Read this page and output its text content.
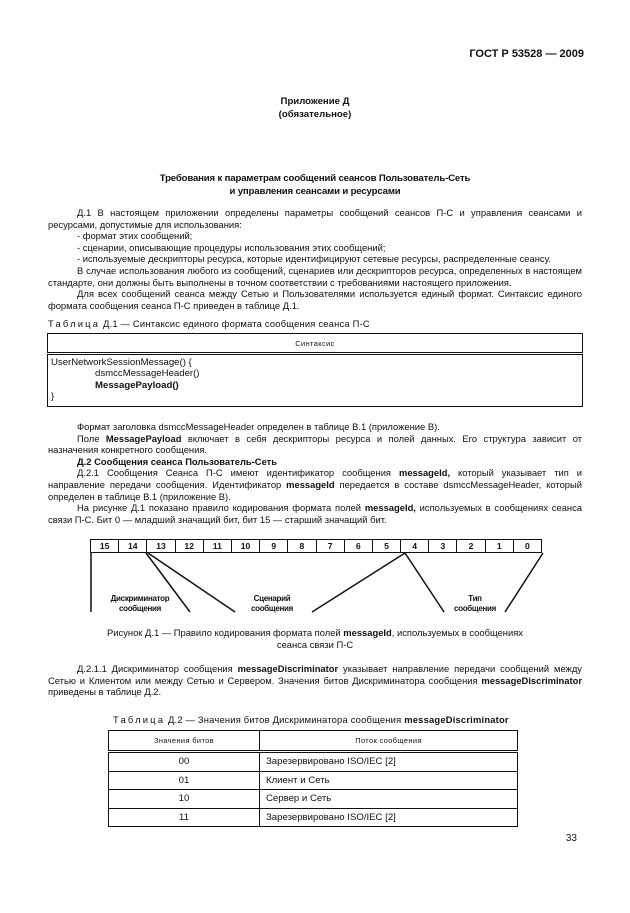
ГОСТ Р 53528 — 2009
Приложение Д
(обязательное)
Требования к параметрам сообщений сеансов Пользователь-Сеть
и управления сеансами и ресурсами

Д.1 В настоящем приложении определены параметры сообщений сеансов П-С и управления сеансами и ресурсами, допустимые для использования:

- формат этих сообщений;

- сценарии, описывающие процедуры использования этих сообщений;

- используемые дескрипторы ресурса, которые идентифицируют сетевые ресурсы, распределенные сеансу.

В случае использования любого из сообщений, сценариев или дескрипторов ресурса, определенных в настоящем стандарте, они должны быть выполнены в точном соответствии с требованиями настоящего приложения.

Для всех сообщений сеанса между Сетью и Пользователями используется единый формат. Синтаксис единого формата сообщения сеанса П-С приведен в таблице Д.1.

Таблица Д.1 — Синтаксис единого формата сообщения сеанса П-С
Синтаксис

UserNetworkSessionMessage() {
dsmccMessageHeader()
MessagePayload()
}

Формат заголовка dsmccMessageHeader определен в таблице В.1 (приложение В).

Поле MessagePayload включает в себя дескрипторы ресурса и полей данных. Его структура зависит от назначения конкретного сообщения.

Д.2 Сообщения сеанса Пользователь-Сеть

Д.2.1 Сообщения Сеанса П-С имеют идентификатор сообщения messageId, который указывает тип и направление передачи сообщения. Идентификатор messageId передается в составе dsmccMessageHeader, который определен в таблице В.1 (приложение В).

На рисунке Д.1 показано правило кодирования формата полей messageId, используемых в сообщениях сеанса связи П-С. Бит 0 — младший значащий бит, бит 15 — старший значащий бит.

15	14	13	12	11	10	9	8	7	6	5	4	3	2	1	0
Дискриминатор
сообщения
Сценарий
сообщения
Тип
сообщения
Рисунок Д.1 — Правило кодирования формата полей messageId, используемых в сообщениях
сеанса связи П-С

Д.2.1.1 Дискриминатор сообщения messageDiscriminator указывает направление передачи сообщений между Сетью и Клиентом или между Сетью и Сервером. Значения битов Дискриминатора сообщения messageDiscriminator приведены в таблице Д.2.

Таблица Д.2 — Значения битов Дискриминатора сообщения messageDiscriminator
Значения битов	Поток сообщения
00	Зарезервировано ISO/IEC [2]
01	Клиент и Сеть
10	Сервер и Сеть
11	Зарезервировано ISO/IEC [2]
33
